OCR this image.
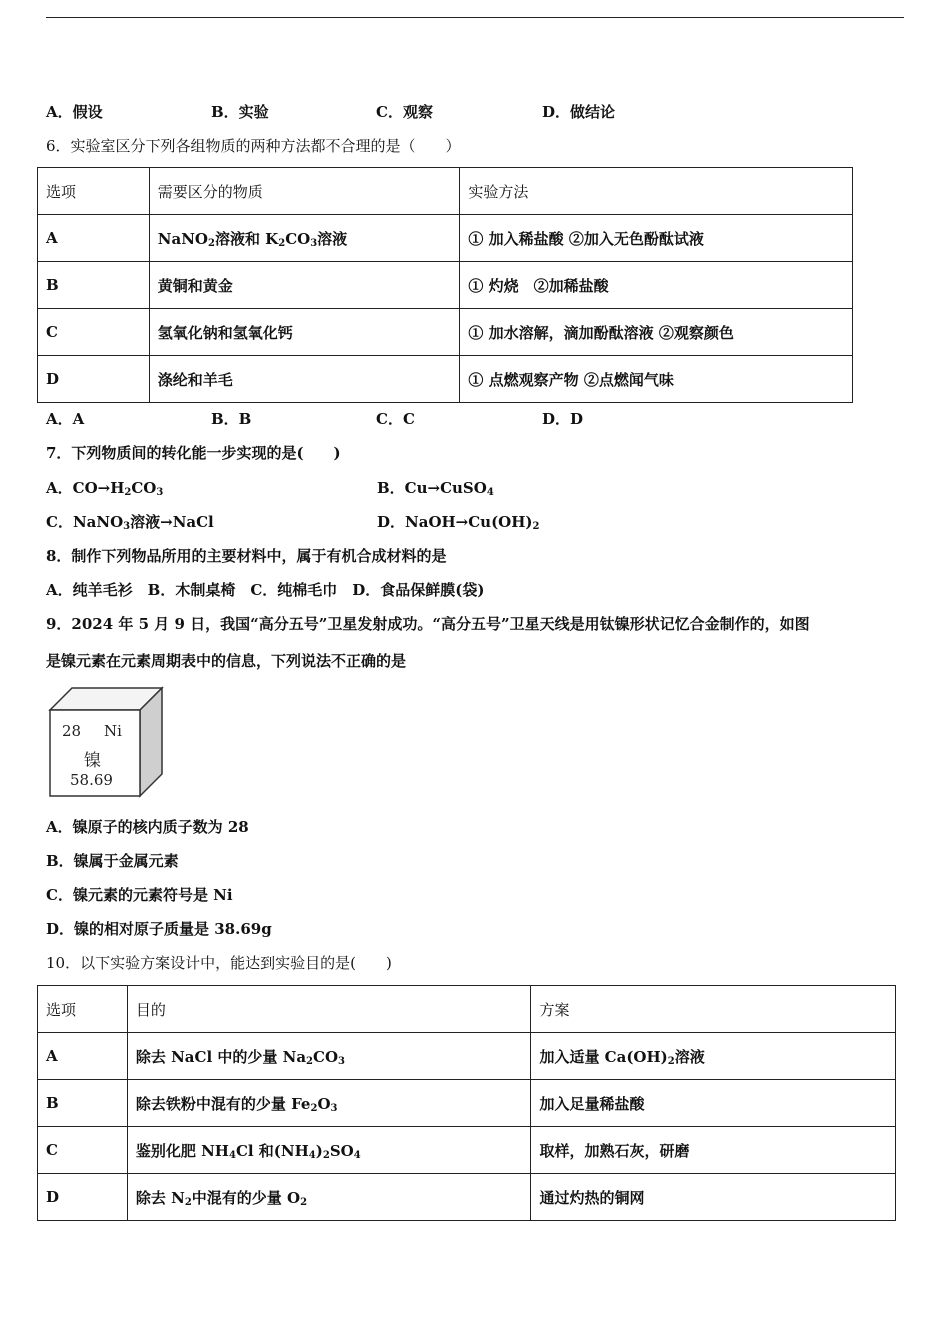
A．假设	B．实验	C．观察	D．做结论
6．实验室区分下列各组物质的两种方法都不合理的是（　　）
选项	需要区分的物质	实验方法
A	NaNO$_2$溶液和 $K_2CO_3$溶液	① 加入稀盐酸 ②加入无色酚酞试液
B	黄铜和黄金	① 灼烧　②加稀盐酸
C	氢氧化钠和氢氧化钙	① 加水溶解，滴加酚酞溶液 ②观察颜色
D	涤纶和羊毛	① 点燃观察产物 ②点燃闻气味
A．A	B．B	C．C	D．D
7．下列物质间的转化能一步实现的是(　　)
A．$CO\to H_2CO_3$	B．Cu→CuSO$_4$
C．NaNO$_3$溶液→NaCl	D．$NaOH\to Cu(OH)_2$
8．制作下列物品所用的主要材料中，属于有机合成材料的是
A．纯羊毛衫　B．木制桌椅　C．纯棉毛巾　D．食品保鲜膜(袋)
9．2024 年 5 月 9 日，我国“高分五号”卫星发射成功。“高分五号”卫星天线是用钛镍形状记忆合金制作的，如图
是镍元素在元素周期表中的信息，下列说法不正确的是
28 Ni
镍
58.69
A．镍原子的核内质子数为 28
B．镍属于金属元素
C．镍元素的元素符号是 Ni
D．镍的相对原子质量是 38.69g
10．以下实验方案设计中，能达到实验目的是(　　)
选项	目的	方案
A	除去 NaCl 中的少量 $Na_2CO_3$	加入适量 $Ca(OH)_2$溶液
B	除去铁粉中混有的少量 $Fe_2O_3$	加入足量稀盐酸
C	鉴别化肥 $NH_4Cl$ 和$(NH_4)_2SO_4$	取样，加熟石灰，研磨
D	除去 $N_2$中混有的少量 $O_2$	通过灼热的铜网
